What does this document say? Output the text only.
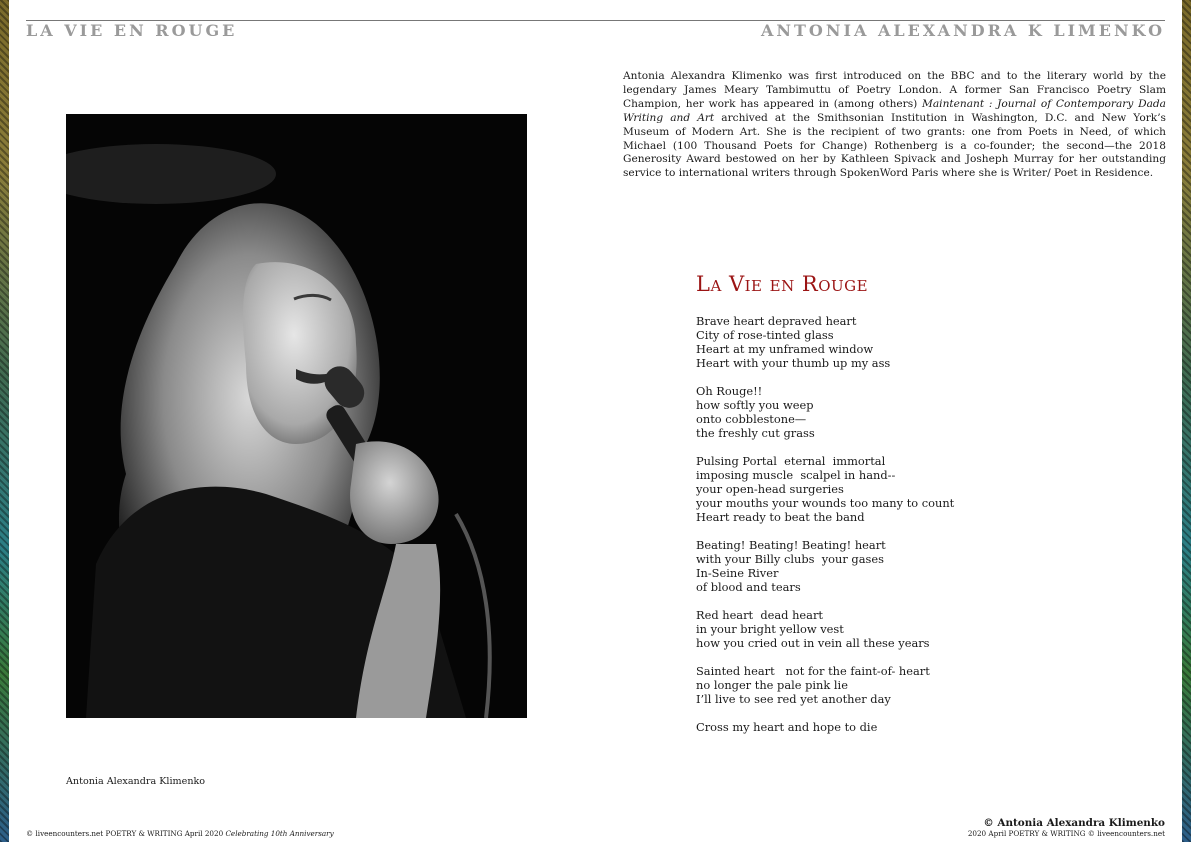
LA VIE EN ROUGE	ANTONIA ALEXANDRA K LIMENKO
Antonia Alexandra Klimenko was first introduced on the BBC and to the literary world by the legendary James Meary Tambimuttu of Poetry London. A former San Francisco Poetry Slam Champion, her work has appeared in (among others) Maintenant : Journal of Contemporary Dada Writing and Art archived at the Smithsonian Institution in Washington, D.C. and New York’s Museum of Modern Art. She is the recipient of two grants: one from Poets in Need, of which Michael (100 Thousand Poets for Change) Rothenberg is a co-founder; the second—the 2018 Generosity Award bestowed on her by Kathleen Spivack and Josheph Murray for her outstanding service to international writers through SpokenWord Paris where she is Writer/ Poet in Residence.
Antonia Alexandra Klimenko
La Vie en Rouge
Brave heart depraved heart
City of rose-tinted glass
Heart at my unframed window
Heart with your thumb up my ass
Oh Rouge!!
how softly you weep
onto cobblestone—
the freshly cut grass
Pulsing Portal  eternal  immortal
imposing muscle  scalpel in hand--
your open-head surgeries
your mouths your wounds too many to count
Heart ready to beat the band
Beating! Beating! Beating! heart
with your Billy clubs  your gases
In-Seine River
of blood and tears
Red heart  dead heart
in your bright yellow vest
how you cried out in vein all these years
Sainted heart   not for the faint-of- heart
no longer the pale pink lie
I’ll live to see red yet another day
Cross my heart and hope to die
© Antonia Alexandra Klimenko
© liveencounters.net POETRY & WRITING April 2020 Celebrating 10th Anniversary	2020 April POETRY & WRITING © liveencounters.net
